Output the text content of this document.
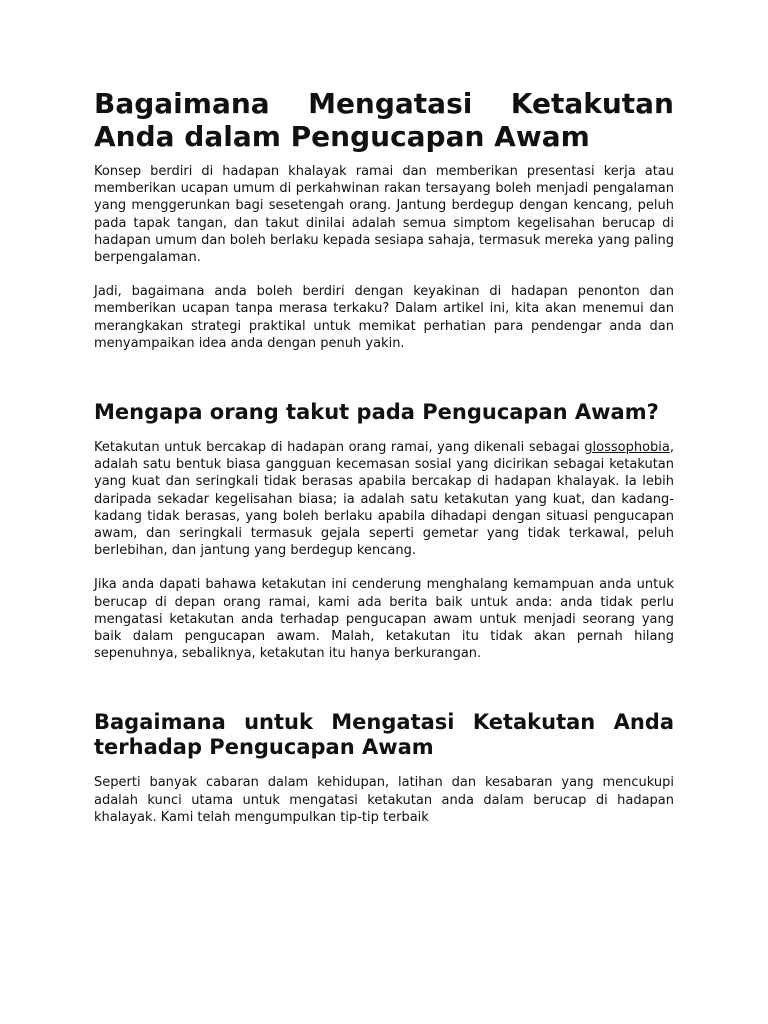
Bagaimana Mengatasi Ketakutan Anda dalam Pengucapan Awam

Konsep berdiri di hadapan khalayak ramai dan memberikan presentasi kerja atau memberikan ucapan umum di perkahwinan rakan tersayang boleh menjadi pengalaman yang menggerunkan bagi sesetengah orang. Jantung berdegup dengan kencang, peluh pada tapak tangan, dan takut dinilai adalah semua simptom kegelisahan berucap di hadapan umum dan boleh berlaku kepada sesiapa sahaja, termasuk mereka yang paling berpengalaman.

Jadi, bagaimana anda boleh berdiri dengan keyakinan di hadapan penonton dan memberikan ucapan tanpa merasa terkaku? Dalam artikel ini, kita akan menemui dan merangkakan strategi praktikal untuk memikat perhatian para pendengar anda dan menyampaikan idea anda dengan penuh yakin.

Mengapa orang takut pada Pengucapan Awam?

Ketakutan untuk bercakap di hadapan orang ramai, yang dikenali sebagai glossophobia, adalah satu bentuk biasa gangguan kecemasan sosial yang dicirikan sebagai ketakutan yang kuat dan seringkali tidak berasas apabila bercakap di hadapan khalayak. Ia lebih daripada sekadar kegelisahan biasa; ia adalah satu ketakutan yang kuat, dan kadang-kadang tidak berasas, yang boleh berlaku apabila dihadapi dengan situasi pengucapan awam, dan seringkali termasuk gejala seperti gemetar yang tidak terkawal, peluh berlebihan, dan jantung yang berdegup kencang.

Jika anda dapati bahawa ketakutan ini cenderung menghalang kemampuan anda untuk berucap di depan orang ramai, kami ada berita baik untuk anda: anda tidak perlu mengatasi ketakutan anda terhadap pengucapan awam untuk menjadi seorang yang baik dalam pengucapan awam. Malah, ketakutan itu tidak akan pernah hilang sepenuhnya, sebaliknya, ketakutan itu hanya berkurangan.

Bagaimana untuk Mengatasi Ketakutan Anda terhadap Pengucapan Awam

Seperti banyak cabaran dalam kehidupan, latihan dan kesabaran yang mencukupi adalah kunci utama untuk mengatasi ketakutan anda dalam berucap di hadapan khalayak. Kami telah mengumpulkan tip-tip terbaik
